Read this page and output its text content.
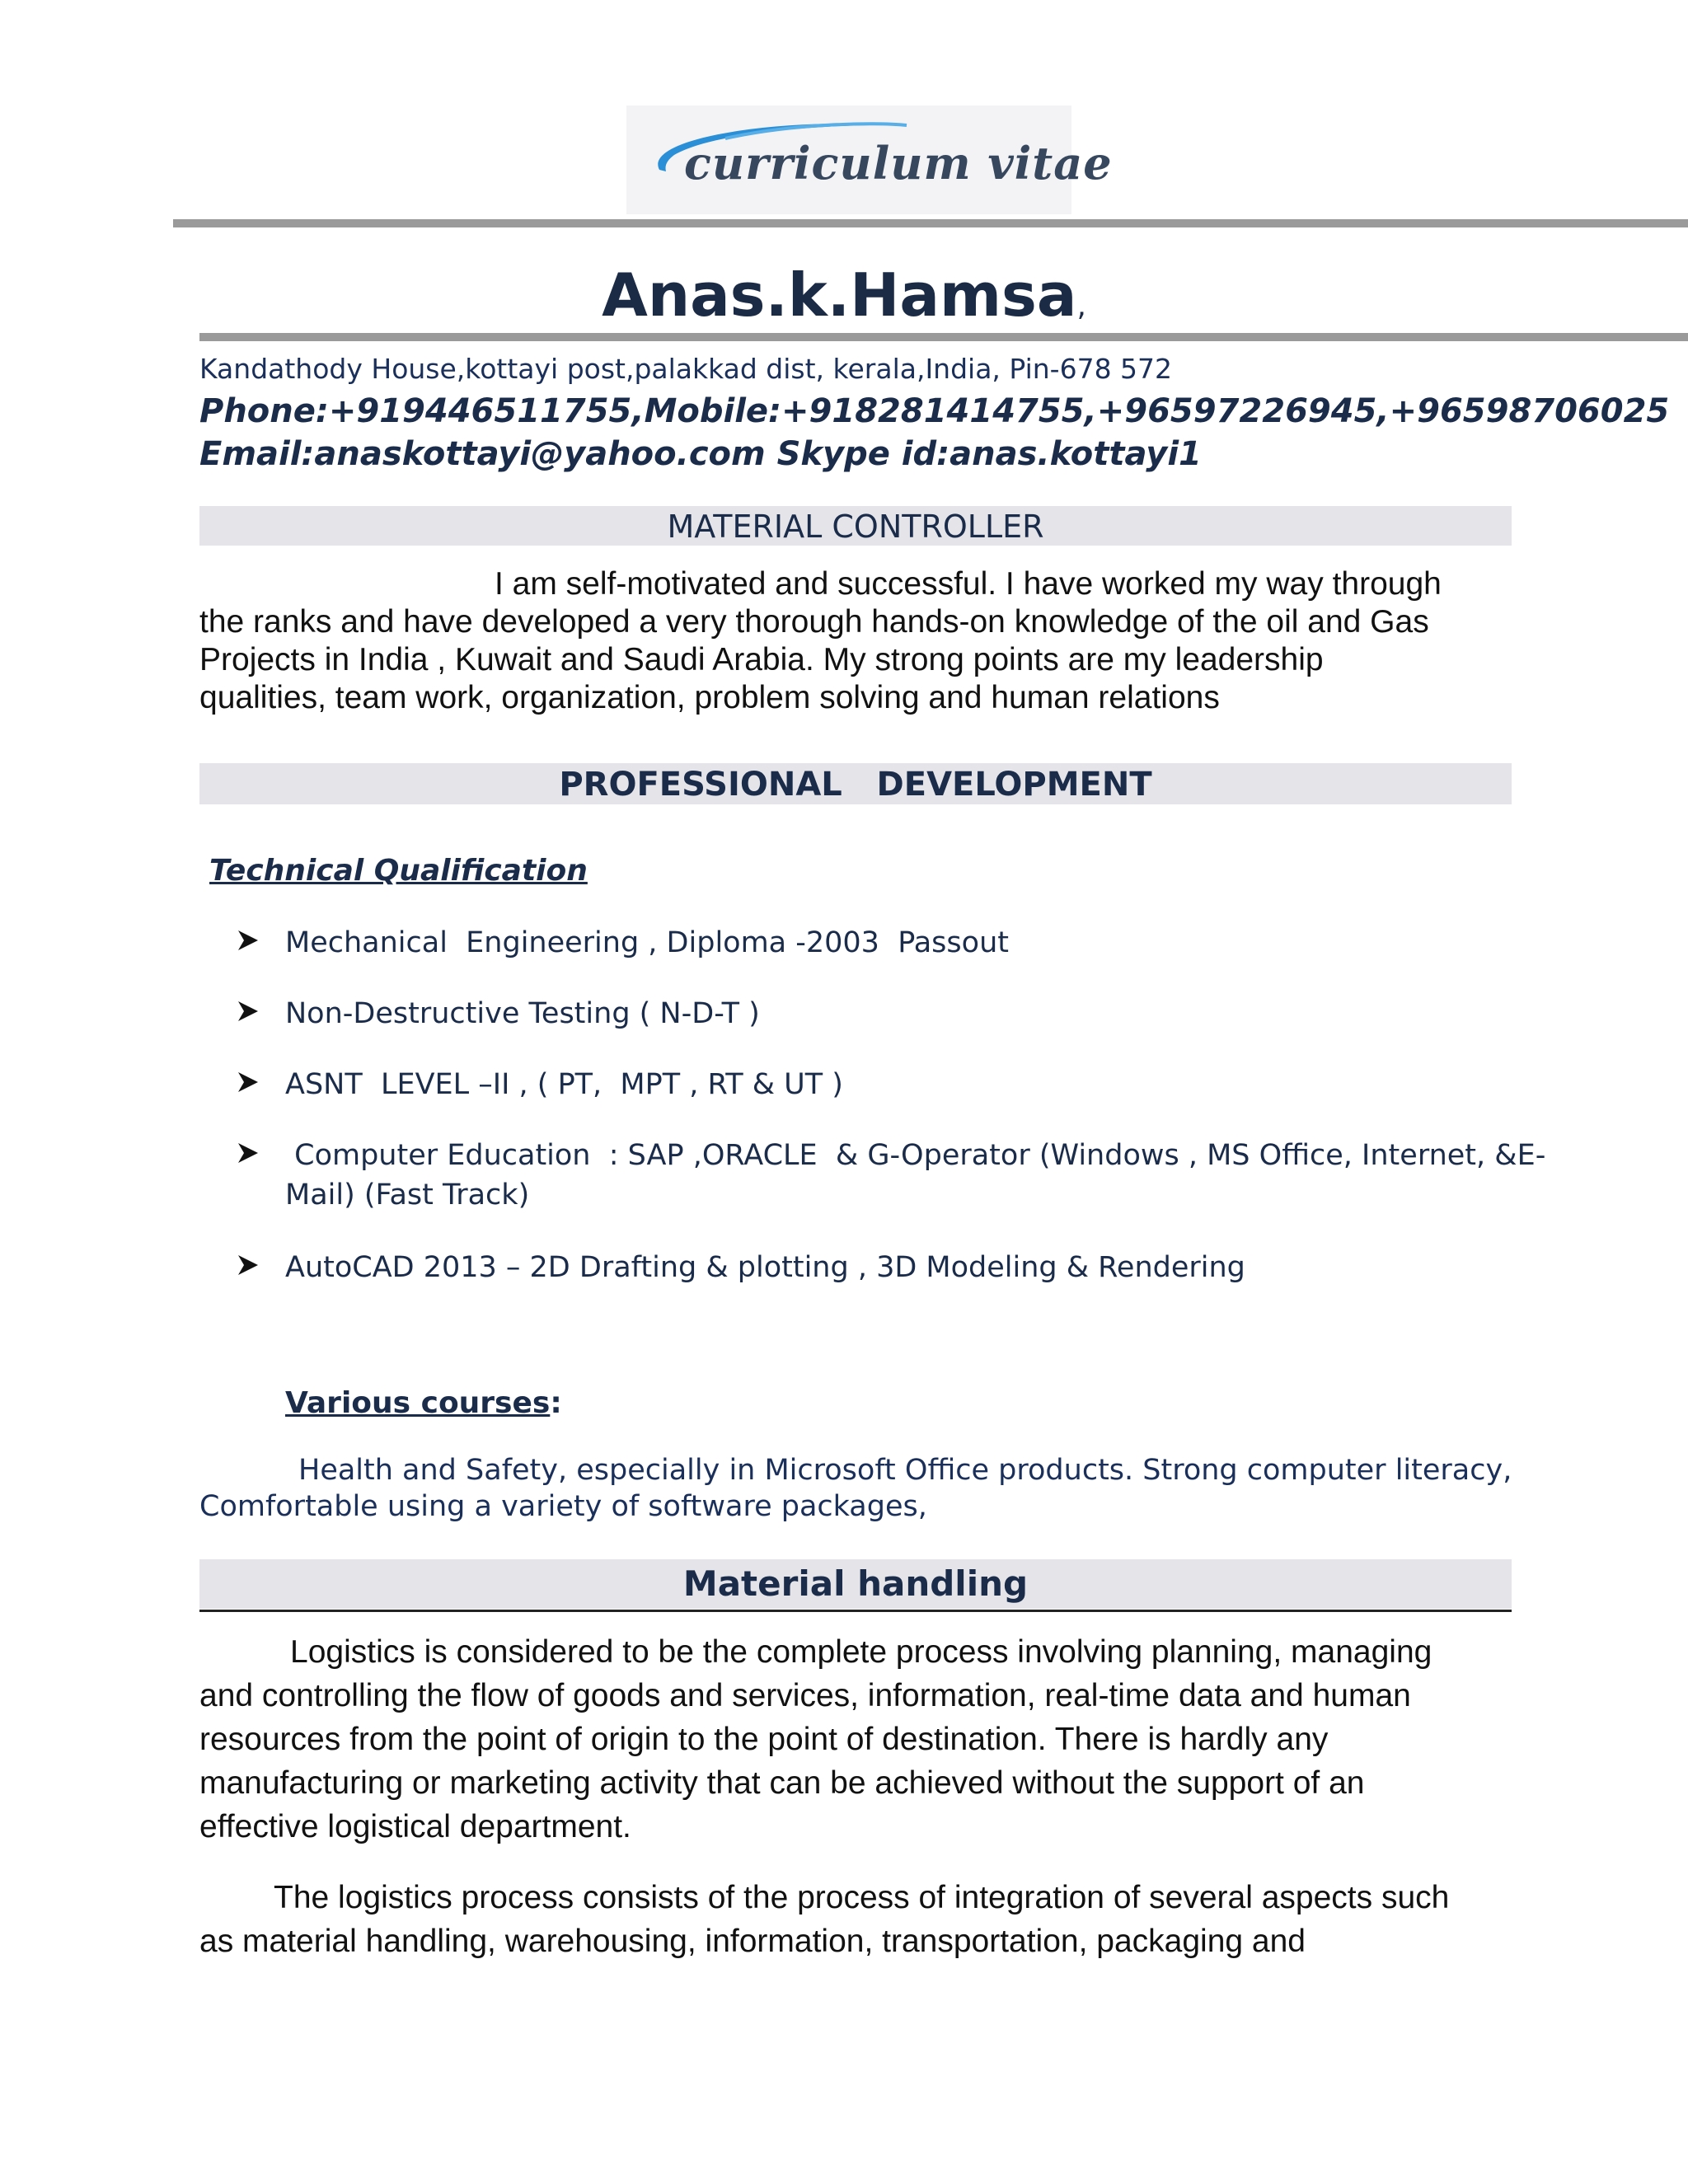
curriculum vitae
Anas.k.Hamsa,
Kandathody House,kottayi post,palakkad dist, kerala,India, Pin-678 572
Phone:+919446511755,Mobile:+918281414755,+96597226945,+96598706025
Email:anaskottayi@yahoo.com Skype id:anas.kottayi1
MATERIAL CONTROLLER
I am self-motivated and successful. I have worked my way through
the ranks and have developed a very thorough hands-on knowledge of the oil and Gas
Projects in India , Kuwait and Saudi Arabia. My strong points are my leadership
qualities, team work, organization, problem solving and human relations
PROFESSIONAL   DEVELOPMENT
Technical Qualification
Mechanical  Engineering , Diploma -2003  Passout
Non-Destructive Testing ( N-D-T )
ASNT  LEVEL –II , ( PT,  MPT , RT & UT )
Computer Education  : SAP ,ORACLE  & G-Operator (Windows , MS Office, Internet, &E-
Mail) (Fast Track)
AutoCAD 2013 – 2D Drafting & plotting , 3D Modeling & Rendering
Various courses:
Health and Safety, especially in Microsoft Office products. Strong computer literacy,
Comfortable using a variety of software packages,
Material handling
Logistics is considered to be the complete process involving planning, managing
and controlling the flow of goods and services, information, real-time data and human
resources from the point of origin to the point of destination. There is hardly any
manufacturing or marketing activity that can be achieved without the support of an
effective logistical department.
The logistics process consists of the process of integration of several aspects such
as material handling, warehousing, information, transportation, packaging and
